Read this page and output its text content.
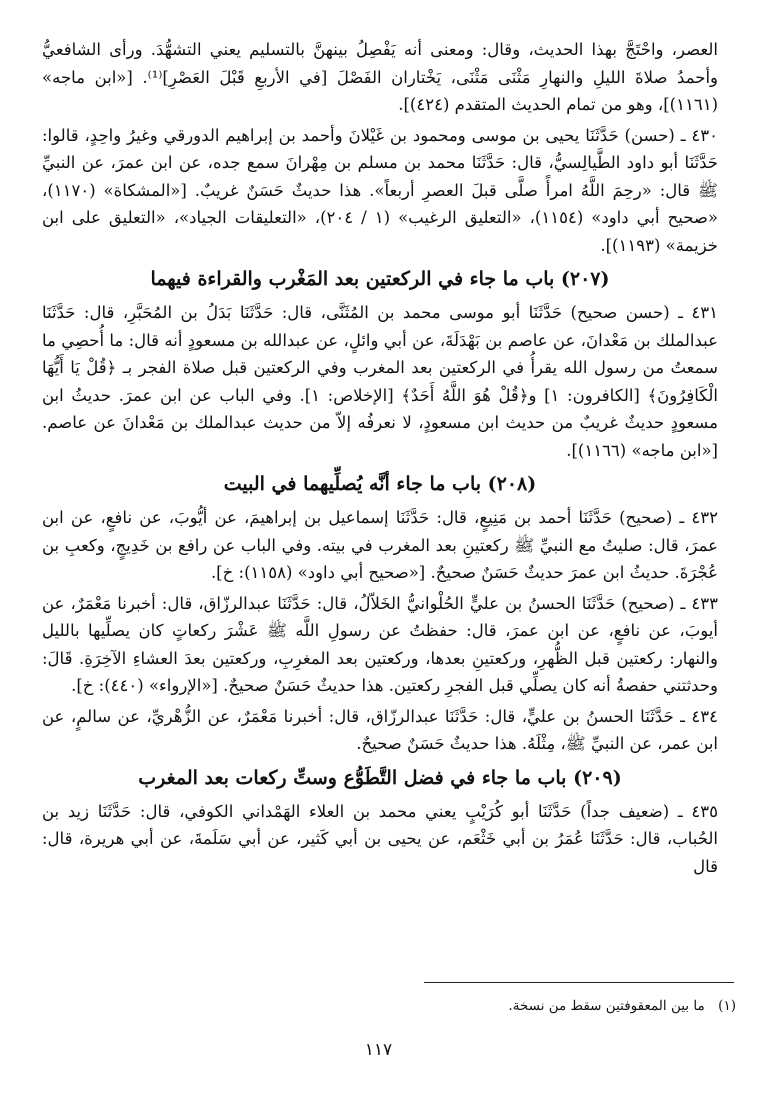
العصر، واحْتَجَّ بهذا الحديث، وقال: ومعنى أنه يَفْصِلُ بينهنَّ بالتسليم يعني التشهُّدَ. ورأى الشافعيُّ وأحمدُ صلاةَ الليلِ والنهارِ مَثْنَى مَثْنَى، يَخْتاران الفَصْلَ [في الأربعِ قَبْلَ العَصْرِ]⁽¹⁾. [«ابن ماجه» (١١٦١)]، وهو من تمام الحديث المتقدم (٤٢٤)].

٤٣٠ ـ (حسن) حَدَّثَنَا يحيى بن موسى ومحمود بن غَيْلانَ وأحمد بن إبراهيم الدورقي وغيرُ واحِدٍ، قالوا: حَدَّثَنَا أبو داود الطَّيالِسيُّ، قال: حَدَّثَنَا محمد بن مسلم بن مِهْرانَ سمع جده، عن ابن عمرَ، عن النبيِّ ﷺ قال: «رحِمَ اللَّهُ امرأً صلَّى قبلَ العصرِ أربعاً». هذا حديثٌ حَسَنٌ غريبٌ. [«المشكاة» (١١٧٠)، «صحيح أبي داود» (١١٥٤)، «التعليق الرغيب» (١ / ٢٠٤)، «التعليقات الجياد»، «التعليق على ابن خزيمة» (١١٩٣)].

(٢٠٧) باب ما جاء في الركعتين بعد المَغْرب والقراءة فيهما

٤٣١ ـ (حسن صحيح) حَدَّثَنَا أبو موسى محمد بن المُثَنَّى، قال: حَدَّثَنَا بَدَلُ بن المُحَبَّرِ، قال: حَدَّثَنَا عبدالملك بن مَعْدانَ، عن عاصم بن بَهْدَلَةَ، عن أبي وائلٍ، عن عبدالله بن مسعودٍ أنه قال: ما أُحصِي ما سمعتُ من رسول الله يقرأُ في الركعتين بعد المغرب وفي الركعتين قبل صلاة الفجر بـ ﴿قُلْ يَا أَيُّهَا الْكَافِرُونَ﴾ [الكافرون: ١] و﴿قُلْ هُوَ اللَّهُ أَحَدٌ﴾ [الإخلاص: ١]. وفي الباب عن ابن عمرَ. حديثُ ابن مسعودٍ حديثٌ غريبٌ من حديث ابن مسعودٍ، لا نعرفُه إلاّ من حديث عبدالملك بن مَعْدانَ عن عاصم. [«ابن ماجه» (١١٦٦)].

(٢٠٨) باب ما جاء أنَّه يُصلِّيهما في البيت

٤٣٢ ـ (صحيح) حَدَّثَنَا أحمد بن مَنِيعٍ، قال: حَدَّثَنَا إسماعيل بن إبراهيمَ، عن أيُّوبَ، عن نافعٍ، عن ابن عمرَ، قال: صليتُ مع النبيِّ ﷺ ركعتينِ بعد المغرب في بيته. وفي الباب عن رافع بن خَدِيجٍ، وكعبِ بن عُجْرَةَ. حديثُ ابن عمرَ حديثٌ حَسَنٌ صحيحٌ. [«صحيح أبي داود» (١١٥٨): خ].

٤٣٣ ـ (صحيح) حَدَّثَنَا الحسنُ بن عليٍّ الحُلْوانيُّ الخَلاّلُ، قال: حَدَّثَنَا عبدالرزّاق، قال: أخبرنا مَعْمَرٌ، عن أيوبَ، عن نافعٍ، عن ابن عمرَ، قال: حفظتُ عن رسولِ اللَّه ﷺ عَشْرَ ركعاتٍ كان يصلِّيها بالليل والنهار: ركعتين قبل الظُّهرِ، وركعتينِ بعدها، وركعتين بعد المغرِبِ، وركعتين بعدَ العشاءِ الآخِرَةِ. قَالَ: وحدثتني حفصةُ أنه كان يصلِّي قبل الفجرِ ركعتين. هذا حديثٌ حَسَنٌ صحيحٌ. [«الإرواء» (٤٤٠): خ].

٤٣٤ ـ حَدَّثَنَا الحسنُ بن عليٍّ، قال: حَدَّثَنَا عبدالرزّاق، قال: أخبرنا مَعْمَرٌ، عن الزُّهْريِّ، عن سالمٍ، عن ابن عمر، عن النبيِّ ﷺ، مِثْلَهُ. هذا حديثٌ حَسَنٌ صحيحٌ.

(٢٠٩) باب ما جاء في فضل التَّطَوُّع وستِّ ركعات بعد المغرب

٤٣٥ ـ (ضعيف جداً) حَدَّثَنَا أبو كُرَيْبٍ يعني محمد بن العلاء الهَمْداني الكوفي، قال: حَدَّثَنَا زيد بن الحُباب، قال: حَدَّثَنَا عُمَرُ بن أبي خَثْعَم، عن يحيى بن أبي كَثير، عن أبي سَلَمةَ، عن أبي هريرة، قال: قال

(١)　ما بين المعقوفتين سقط من نسخة.
١١٧
